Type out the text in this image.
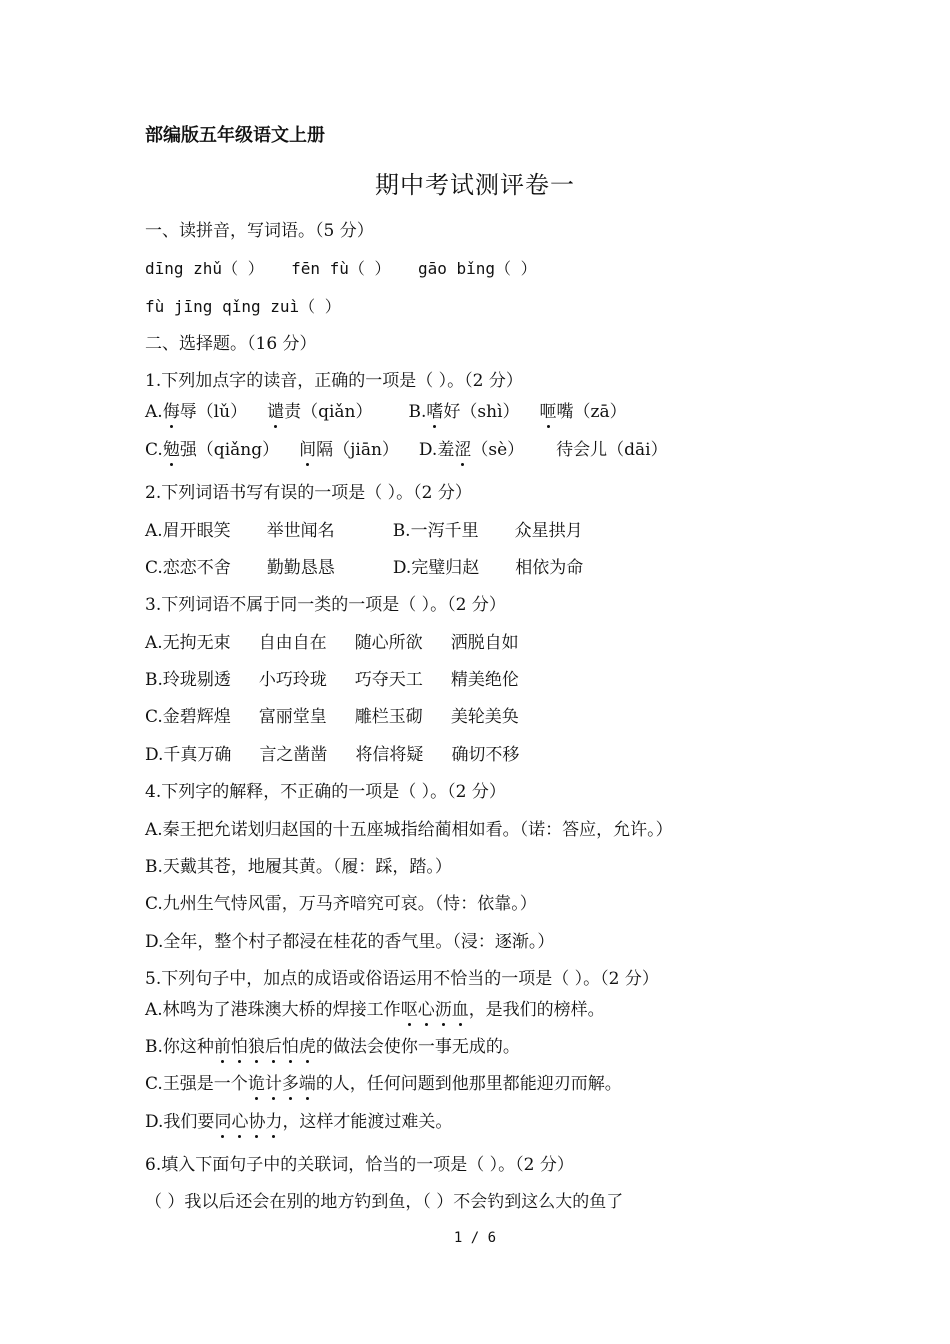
部编版五年级语文上册
期中考试测评卷一
一、读拼音，写词语。（5 分）
dīng zhǔ（ ） fēn fù（ ） gāo bǐng（ ）
fù jīng qǐng zuì（ ）
二、选择题。（16 分）
1.下列加点字的读音，正确的一项是（ ）。（2 分）
A.侮辱（lǔ） 谴责（qiǎn） B.嗜好（shì） 咂嘴（zā）
C.勉强（qiǎng） 间隔（jiān） D.羞涩（sè） 待会儿（dāi）
2.下列词语书写有误的一项是（ ）。（2 分）
A.眉开眼笑 举世闻名	B.一泻千里 众星拱月
C.恋恋不舍 勤勤恳恳	D.完璧归赵 相依为命
3.下列词语不属于同一类的一项是（ ）。（2 分）
A.无拘无束 自由自在 随心所欲 洒脱自如
B.玲珑剔透 小巧玲珑 巧夺天工 精美绝伦
C.金碧辉煌 富丽堂皇 雕栏玉砌 美轮美奂
D.千真万确 言之凿凿 将信将疑 确切不移
4.下列字的解释，不正确的一项是（ ）。（2 分）
A.秦王把允诺划归赵国的十五座城指给蔺相如看。（诺：答应，允许。）
B.天戴其苍，地履其黄。（履：踩，踏。）
C.九州生气恃风雷，万马齐喑究可哀。（恃：依靠。）
D.全年，整个村子都浸在桂花的香气里。（浸：逐渐。）
5.下列句子中，加点的成语或俗语运用不恰当的一项是（ ）。（2 分）
A.林鸣为了港珠澳大桥的焊接工作呕心沥血，是我们的榜样。
B.你这种前怕狼后怕虎的做法会使你一事无成的。
C.王强是一个诡计多端的人，任何问题到他那里都能迎刃而解。
D.我们要同心协力，这样才能渡过难关。
6.填入下面句子中的关联词，恰当的一项是（ ）。（2 分）
（ ）我以后还会在别的地方钓到鱼，（ ）不会钓到这么大的鱼了
1 / 6
